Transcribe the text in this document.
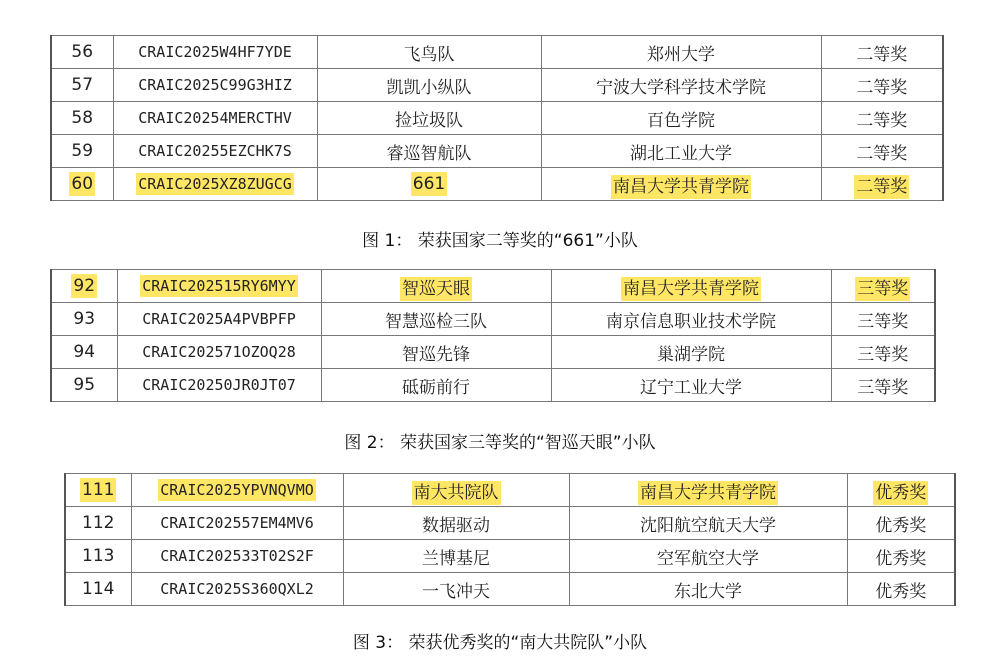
56	CRAIC2025W4HF7YDE	飞鸟队	郑州大学	二等奖
57	CRAIC2025C99G3HIZ	凯凯小纵队	宁波大学科学技术学院	二等奖
58	CRAIC20254MERCTHV	捡垃圾队	百色学院	二等奖
59	CRAIC20255EZCHK7S	睿巡智航队	湖北工业大学	二等奖
60	CRAIC2025XZ8ZUGCG	661	南昌大学共青学院	二等奖
图 1： 荣获国家二等奖的“661”小队
92	CRAIC202515RY6MYY	智巡天眼	南昌大学共青学院	三等奖
93	CRAIC2025A4PVBPFP	智慧巡检三队	南京信息职业技术学院	三等奖
94	CRAIC202571OZOQ28	智巡先锋	巢湖学院	三等奖
95	CRAIC20250JR0JT07	砥砺前行	辽宁工业大学	三等奖
图 2： 荣获国家三等奖的“智巡天眼”小队
111	CRAIC2025YPVNQVMO	南大共院队	南昌大学共青学院	优秀奖
112	CRAIC202557EM4MV6	数据驱动	沈阳航空航天大学	优秀奖
113	CRAIC202533T02S2F	兰博基尼	空军航空大学	优秀奖
114	CRAIC2025S360QXL2	一飞冲天	东北大学	优秀奖
图 3： 荣获优秀奖的“南大共院队”小队
